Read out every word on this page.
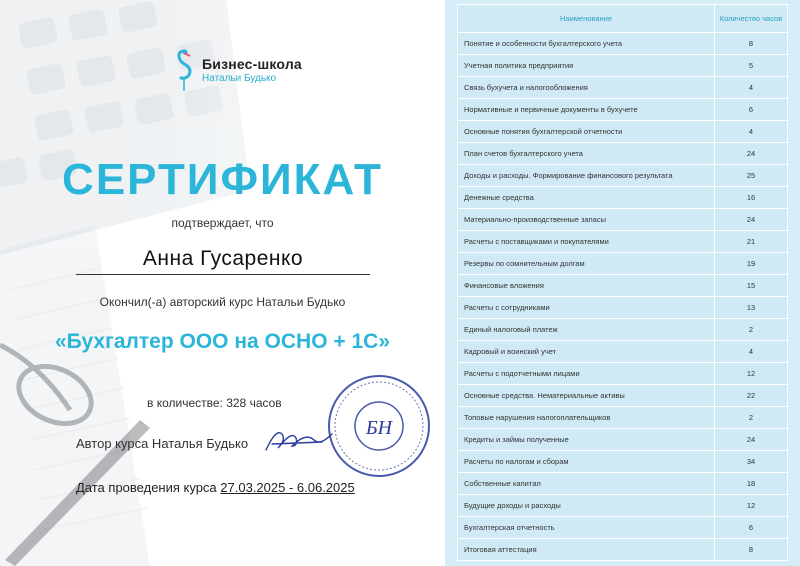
Бизнес-школа
Натальи Будько
СЕРТИФИКАТ
подтверждает, что
Анна Гусаренко
Окончил(-а) авторский курс Натальи Будько
«Бухгалтер ООО на ОСНО + 1С»
в количестве: 328 часов
Автор курса Наталья Будько
Дата проведения курса 27.03.2025 - 6.06.2025
БН
Наименование	Количество часов
Понятие и особенности бухгалтерского учета	8
Учетная политика предприятия	5
Связь бухучета и налогообложения	4
Нормативные и первичные документы в бухучете	6
Основные понятия бухгалтерской отчетности	4
План счетов бухгалтерского учета	24
Доходы и расходы. Формирование финансового результата	25
Денежные средства	16
Материально-производственные запасы	24
Расчеты с поставщиками и покупателями	21
Резервы по сомнительным долгам	19
Финансовые вложения	15
Расчеты с сотрудниками	13
Единый налоговый платеж	2
Кадровый и воинский учет	4
Расчеты с подотчетными лицами	12
Основные средства. Нематериальные активы	22
Топовые нарушения налогоплательщиков	2
Кредиты и займы полученные	24
Расчеты по налогам и сборам	34
Собственные капитал	18
Будущие доходы и расходы	12
Бухгалтерская отчетность	6
Итоговая аттестация	8
